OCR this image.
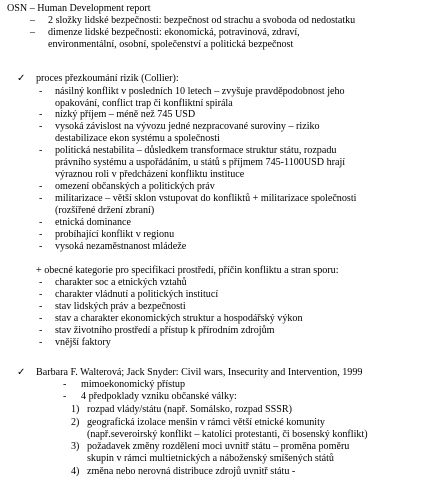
OSN – Human Development report
– 2 složky lidské bezpečnosti: bezpečnost od strachu a svoboda od nedostatku
– dimenze lidské bezpečnosti: ekonomická, potravinová, zdraví,
environmentální, osobní, společenství a politická bezpečnost
✓ proces přezkoumání rizik (Collier):
- násilný konflikt v posledních 10 letech – zvyšuje pravděpodobnost jeho
opakování, conflict trap či konfliktní spirála
- nízký příjem – méně než 745 USD
- vysoká závislost na vývozu jedné nezpracované suroviny – riziko
destabilizace ekon systému a společnosti
- politická nestabilita – důsledkem transformace struktur státu, rozpadu
právního systému a uspořádáním, u států s příjmem 745-1100USD hrají
výraznou roli v předcházení konfliktu instituce
- omezení občanských a politických práv
- militarizace – větší sklon vstupovat do konfliktů + militarizace společnosti
(rozšířené držení zbraní)
- etnická dominance
- probíhající konflikt v regionu
- vysoká nezaměstnanost mládeže
+ obecné kategorie pro specifikaci prostředí, příčin konfliktu a stran sporu:
- charakter soc a etnických vztahů
- charakter vládnutí a politických institucí
- stav lidských práv a bezpečnosti
- stav a charakter ekonomických struktur a hospodářský výkon
- stav životního prostředí a přístup k přírodním zdrojům
- vnější faktory
✓ Barbara F. Walterová; Jack Snyder: Civil wars, Insecurity and Intervention, 1999
- mimoekonomický přístup
- 4 předpoklady vzniku občanské války:
1) rozpad vlády/státu (např. Somálsko, rozpad SSSR)
2) geografická izolace menšin v rámci větší etnické komunity
(např.severoirský konflikt – katolíci protestanti, či bosenský konflikt)
3) požadavek změny rozdělení moci uvnitř státu – proměna poměru
skupin v rámci multietnických a náboženský smíšených států
4) změna nebo nerovná distribuce zdrojů uvnitř státu -
